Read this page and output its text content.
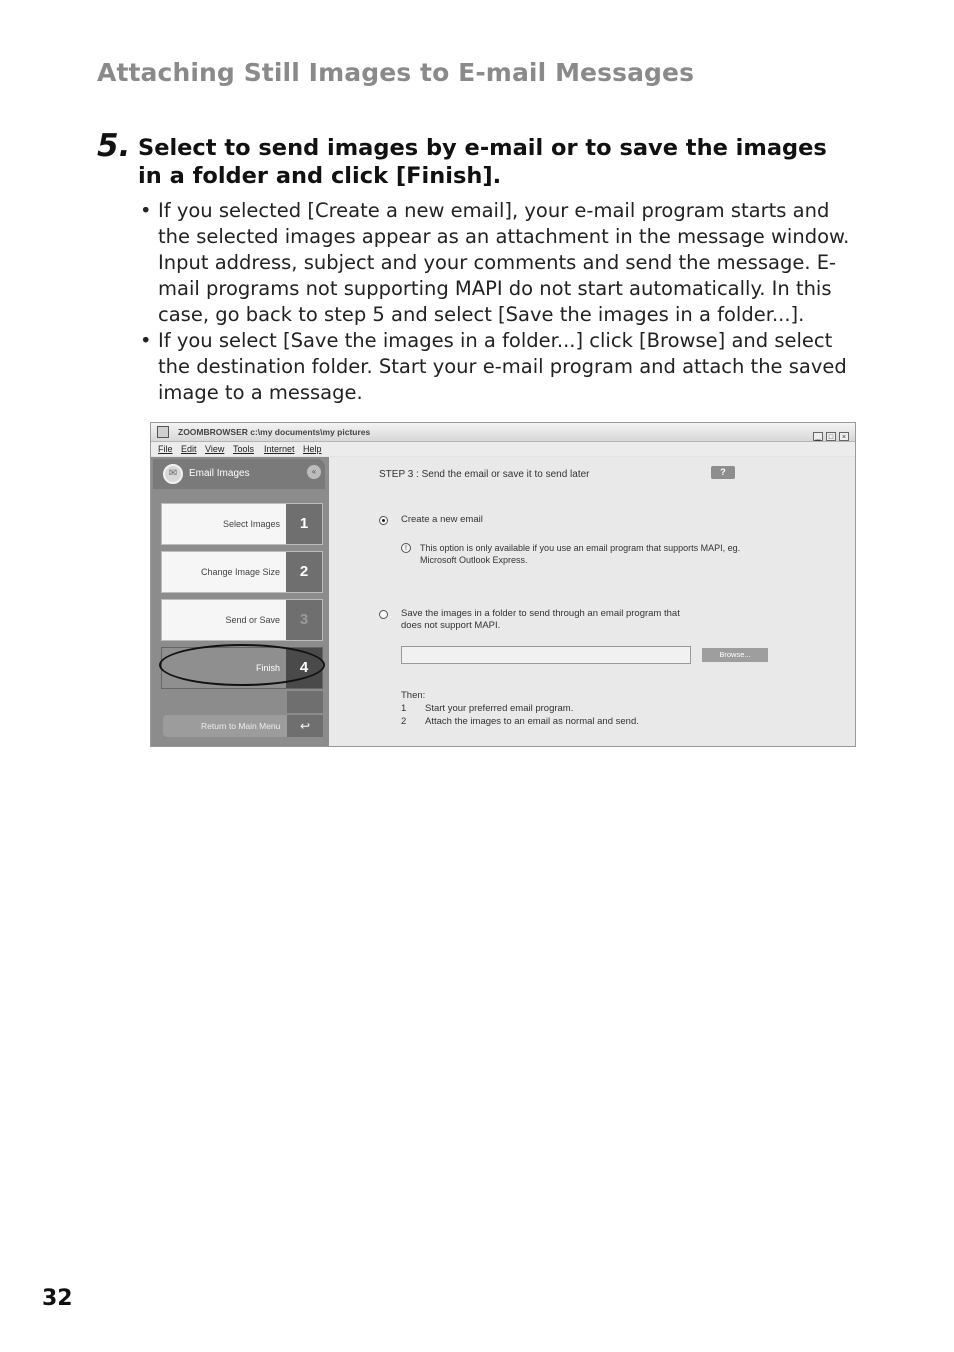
Attaching Still Images to E-mail Messages
5. Select to send images by e-mail or to save the images in a folder and click [Finish].
• If you selected [Create a new email], your e-mail program starts and the selected images appear as an attachment in the message window. Input address, subject and your comments and send the message. E-mail programs not supporting MAPI do not start automatically. In this case, go back to step 5 and select [Save the images in a folder...].
• If you select [Save the images in a folder...] click [Browse] and select the destination folder. Start your e-mail program and attach the saved image to a message.
ZOOMBROWSER c:\my documents\my pictures
▁ □ ×
File Edit View Tools Internet Help
✉	Email Images	«
Select Images	1
Change Image Size	2
Send or Save	3
Finish	4
Return to Main Menu	↩
STEP 3 : Send the email or save it to send later	?
Create a new email
!	This option is only available if you use an email program that supports MAPI, eg. Microsoft Outlook Express.
Save the images in a folder to send through an email program that does not support MAPI.
Browse...
Then:
1 Start your preferred email program.
2 Attach the images to an email as normal and send.
32
